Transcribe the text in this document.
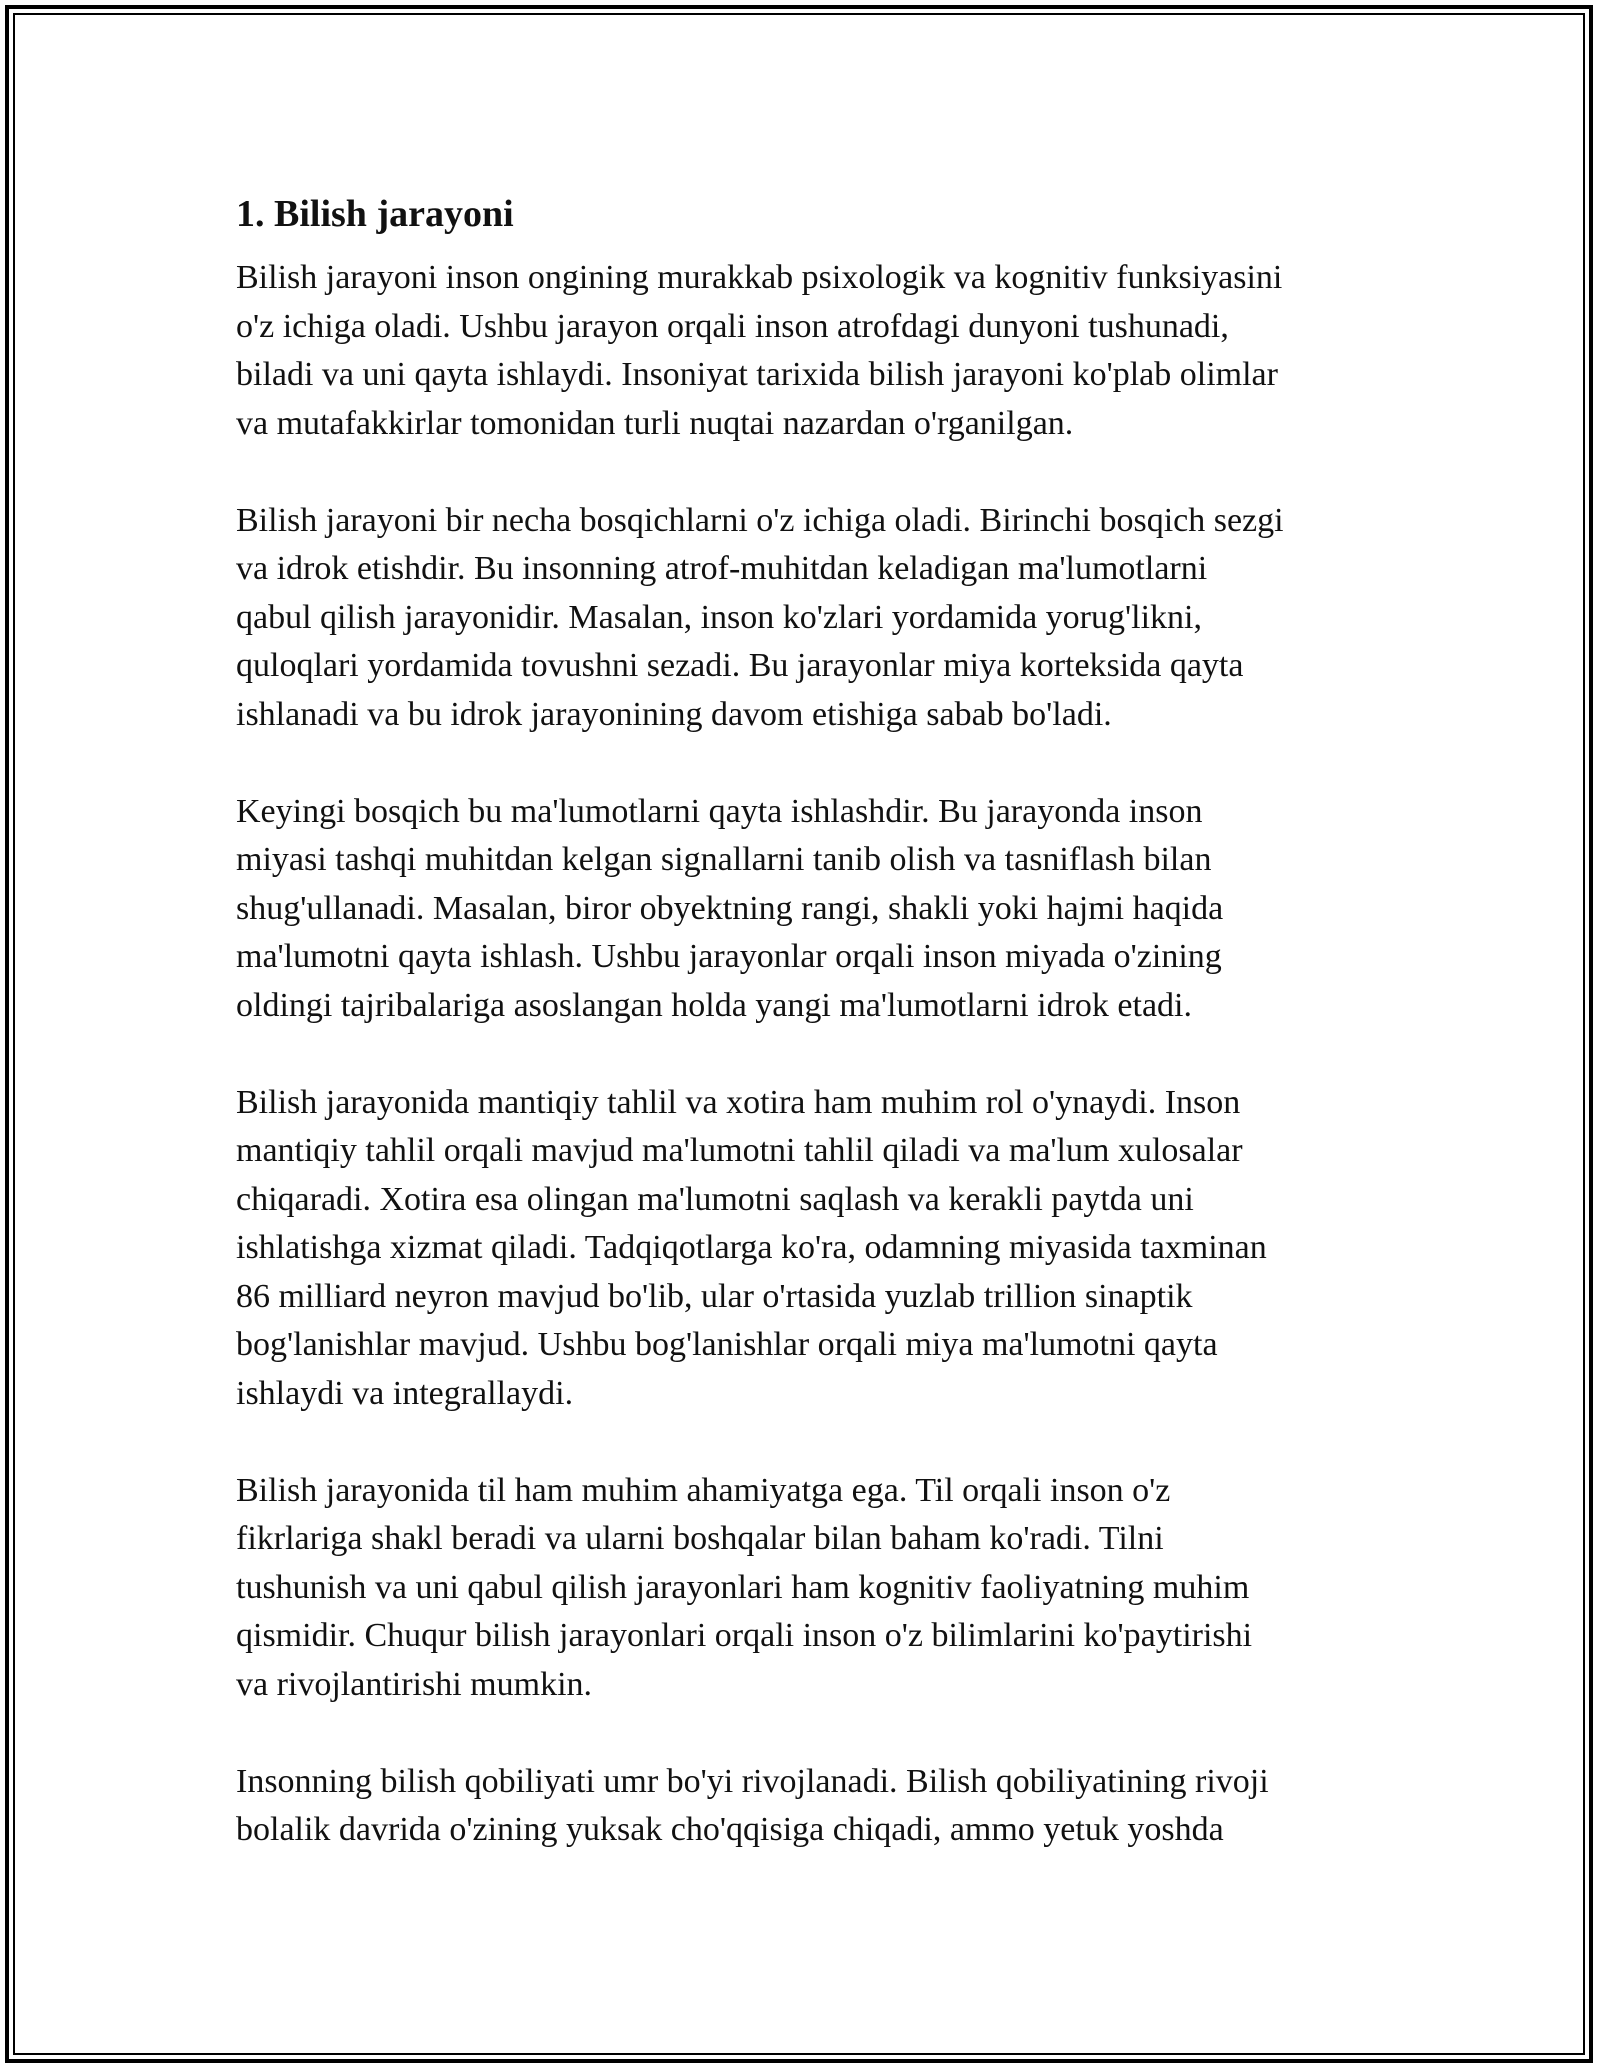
1. Bilish jarayoni

Bilish jarayoni inson ongining murakkab psixologik va kognitiv funksiyasini
o'z ichiga oladi. Ushbu jarayon orqali inson atrofdagi dunyoni tushunadi,
biladi va uni qayta ishlaydi. Insoniyat tarixida bilish jarayoni ko'plab olimlar
va mutafakkirlar tomonidan turli nuqtai nazardan o'rganilgan.

Bilish jarayoni bir necha bosqichlarni o'z ichiga oladi. Birinchi bosqich sezgi
va idrok etishdir. Bu insonning atrof-muhitdan keladigan ma'lumotlarni
qabul qilish jarayonidir. Masalan, inson ko'zlari yordamida yorug'likni,
quloqlari yordamida tovushni sezadi. Bu jarayonlar miya korteksida qayta
ishlanadi va bu idrok jarayonining davom etishiga sabab bo'ladi.

Keyingi bosqich bu ma'lumotlarni qayta ishlashdir. Bu jarayonda inson
miyasi tashqi muhitdan kelgan signallarni tanib olish va tasniflash bilan
shug'ullanadi. Masalan, biror obyektning rangi, shakli yoki hajmi haqida
ma'lumotni qayta ishlash. Ushbu jarayonlar orqali inson miyada o'zining
oldingi tajribalariga asoslangan holda yangi ma'lumotlarni idrok etadi.

Bilish jarayonida mantiqiy tahlil va xotira ham muhim rol o'ynaydi. Inson
mantiqiy tahlil orqali mavjud ma'lumotni tahlil qiladi va ma'lum xulosalar
chiqaradi. Xotira esa olingan ma'lumotni saqlash va kerakli paytda uni
ishlatishga xizmat qiladi. Tadqiqotlarga ko'ra, odamning miyasida taxminan
86 milliard neyron mavjud bo'lib, ular o'rtasida yuzlab trillion sinaptik
bog'lanishlar mavjud. Ushbu bog'lanishlar orqali miya ma'lumotni qayta
ishlaydi va integrallaydi.

Bilish jarayonida til ham muhim ahamiyatga ega. Til orqali inson o'z
fikrlariga shakl beradi va ularni boshqalar bilan baham ko'radi. Tilni
tushunish va uni qabul qilish jarayonlari ham kognitiv faoliyatning muhim
qismidir. Chuqur bilish jarayonlari orqali inson o'z bilimlarini ko'paytirishi
va rivojlantirishi mumkin.

Insonning bilish qobiliyati umr bo'yi rivojlanadi. Bilish qobiliyatining rivoji
bolalik davrida o'zining yuksak cho'qqisiga chiqadi, ammo yetuk yoshda
